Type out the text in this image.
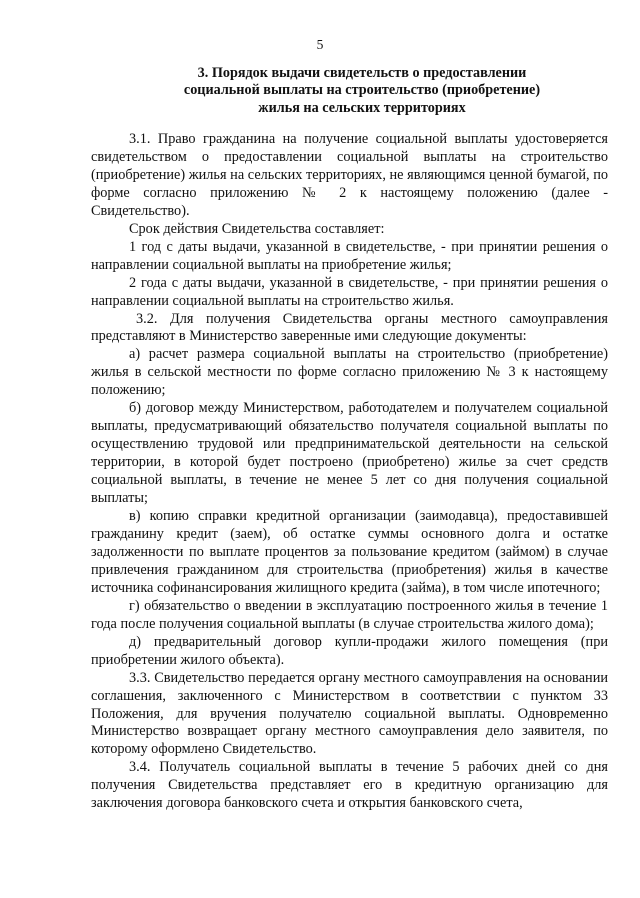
5
3. Порядок выдачи свидетельств о предоставлении
социальной выплаты на строительство (приобретение)
жилья на сельских территориях

3.1. Право гражданина на получение социальной выплаты удостоверяется свидетельством о предоставлении социальной выплаты на строительство (приобретение) жилья на сельских территориях, не являющимся ценной бумагой, по форме согласно приложению № 2 к настоящему положению (далее - Свидетельство).

Срок действия Свидетельства составляет:

1 год с даты выдачи, указанной в свидетельстве, - при принятии решения о направлении социальной выплаты на приобретение жилья;

2 года с даты выдачи, указанной в свидетельстве, - при принятии решения о направлении социальной выплаты на строительство жилья.

3.2. Для получения Свидетельства органы местного самоуправления представляют в Министерство заверенные ими следующие документы:

а) расчет размера социальной выплаты на строительство (приобретение) жилья в сельской местности по форме согласно приложению № 3 к настоящему положению;

б) договор между Министерством, работодателем и получателем социальной выплаты, предусматривающий обязательство получателя социальной выплаты по осуществлению трудовой или предпринимательской деятельности на сельской территории, в которой будет построено (приобретено) жилье за счет средств социальной выплаты, в течение не менее 5 лет со дня получения социальной выплаты;

в) копию справки кредитной организации (заимодавца), предоставившей гражданину кредит (заем), об остатке суммы основного долга и остатке задолженности по выплате процентов за пользование кредитом (займом) в случае привлечения гражданином для строительства (приобретения) жилья в качестве источника софинансирования жилищного кредита (займа), в том числе ипотечного;

г) обязательство о введении в эксплуатацию построенного жилья в течение 1 года после получения социальной выплаты (в случае строительства жилого дома);

д) предварительный договор купли-продажи жилого помещения (при приобретении жилого объекта).

3.3. Свидетельство передается органу местного самоуправления на основании соглашения, заключенного с Министерством в соответствии с пунктом 33 Положения, для вручения получателю социальной выплаты. Одновременно Министерство возвращает органу местного самоуправления дело заявителя, по которому оформлено Свидетельство.

3.4. Получатель социальной выплаты в течение 5 рабочих дней со дня получения Свидетельства представляет его в кредитную организацию для заключения договора банковского счета и открытия банковского счета,
